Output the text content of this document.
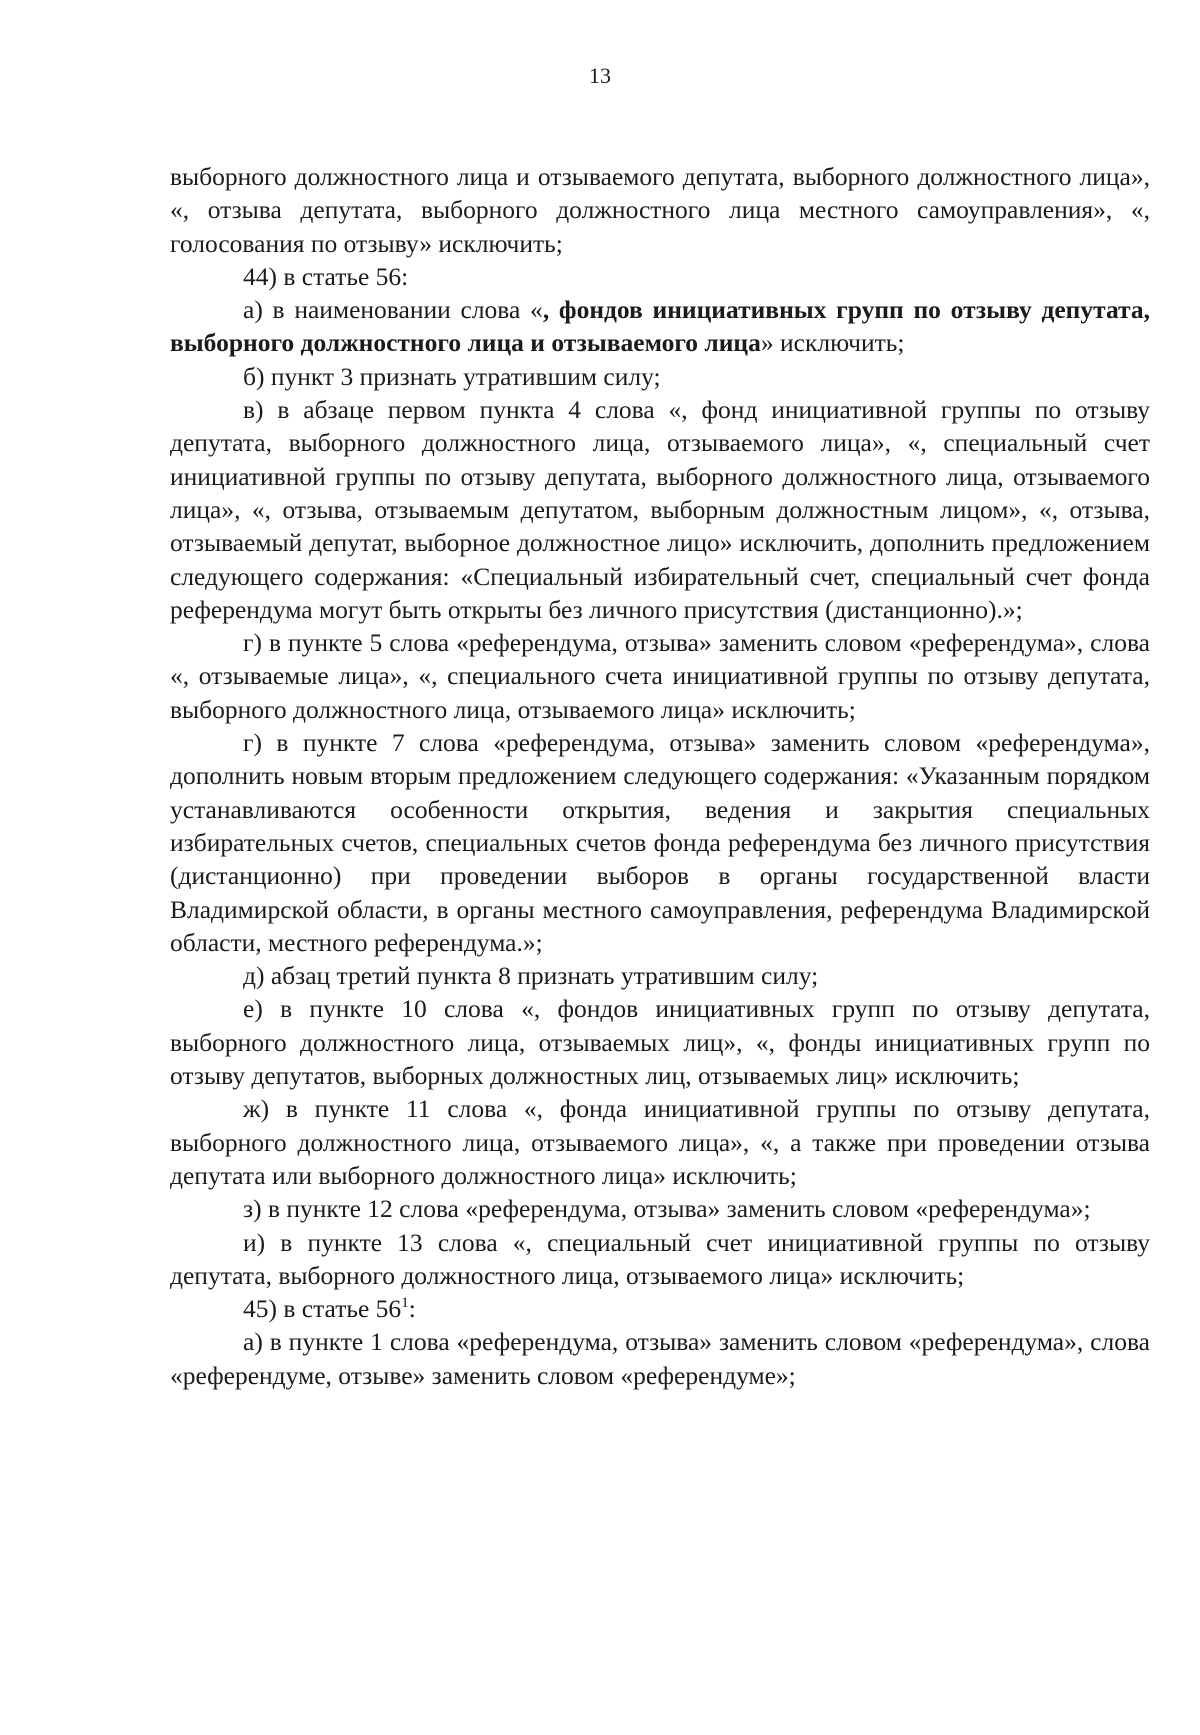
13

выборного должностного лица и отзываемого депутата, выборного должностного лица», «, отзыва депутата, выборного должностного лица местного самоуправления», «, голосования по отзыву» исключить;

44) в статье 56:

а) в наименовании слова «, фондов инициативных групп по отзыву депутата, выборного должностного лица и отзываемого лица» исключить;

б) пункт 3 признать утратившим силу;

в) в абзаце первом пункта 4 слова «, фонд инициативной группы по отзыву депутата, выборного должностного лица, отзываемого лица», «, специальный счет инициативной группы по отзыву депутата, выборного должностного лица, отзываемого лица», «, отзыва, отзываемым депутатом, выборным должностным лицом», «, отзыва, отзываемый депутат, выборное должностное лицо» исключить, дополнить предложением следующего содержания: «Специальный избирательный счет, специальный счет фонда референдума могут быть открыты без личного присутствия (дистанционно).»;

г) в пункте 5 слова «референдума, отзыва» заменить словом «референдума», слова «, отзываемые лица», «, специального счета инициативной группы по отзыву депутата, выборного должностного лица, отзываемого лица» исключить;

г) в пункте 7 слова «референдума, отзыва» заменить словом «референдума», дополнить новым вторым предложением следующего содержания: «Указанным порядком устанавливаются особенности открытия, ведения и закрытия специальных избирательных счетов, специальных счетов фонда референдума без личного присутствия (дистанционно) при проведении выборов в органы государственной власти Владимирской области, в органы местного самоуправления, референдума Владимирской области, местного референдума.»;

д) абзац третий пункта 8 признать утратившим силу;

е) в пункте 10 слова «, фондов инициативных групп по отзыву депутата, выборного должностного лица, отзываемых лиц», «, фонды инициативных групп по отзыву депутатов, выборных должностных лиц, отзываемых лиц» исключить;

ж) в пункте 11 слова «, фонда инициативной группы по отзыву депутата, выборного должностного лица, отзываемого лица», «, а также при проведении отзыва депутата или выборного должностного лица» исключить;

з) в пункте 12 слова «референдума, отзыва» заменить словом «референдума»;

и) в пункте 13 слова «, специальный счет инициативной группы по отзыву депутата, выборного должностного лица, отзываемого лица» исключить;

45) в статье $56^1$:

а) в пункте 1 слова «референдума, отзыва» заменить словом «референдума», слова «референдуме, отзыве» заменить словом «референдуме»;
